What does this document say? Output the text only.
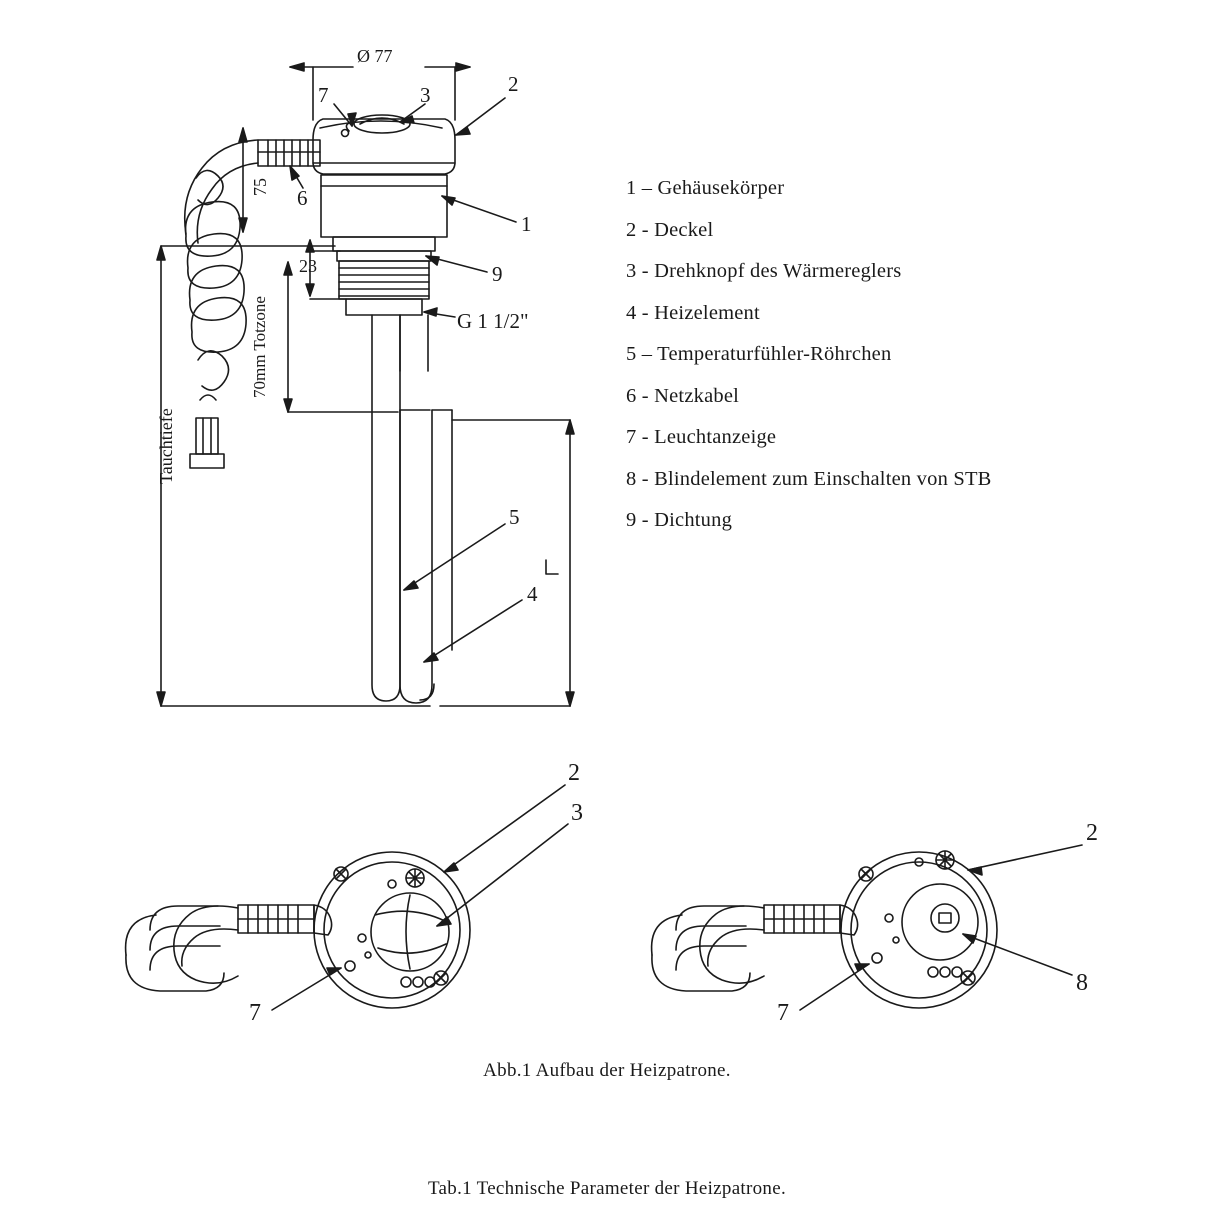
Ø 77
75
23
G 1 1/2"
70mm Totzone
Tauchtiefe
2
3
7
6
1
9
5
4
2
3
7
2
8
7
1 – Gehäusekörper
2 - Deckel
3 - Drehknopf des Wärmereglers
4 - Heizelement
5 – Temperaturfühler-Röhrchen
6 - Netzkabel
7 - Leuchtanzeige
8 - Blindelement zum Einschalten von STB
9 - Dichtung
Abb.1 Aufbau der Heizpatrone.
Tab.1 Technische Parameter der Heizpatrone.
